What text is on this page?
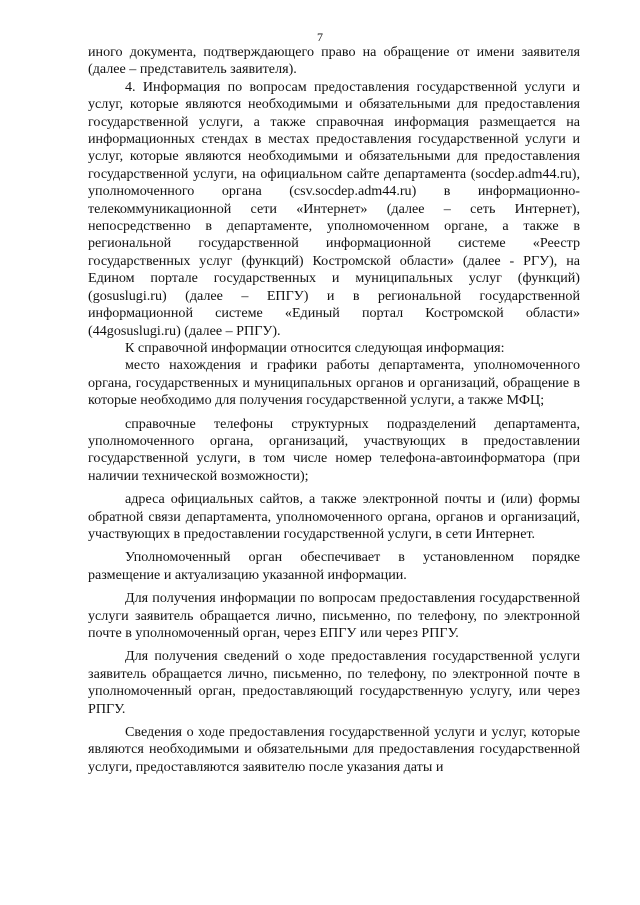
7

иного документа, подтверждающего право на обращение от имени заявителя (далее – представитель заявителя).

4. Информация по вопросам предоставления государственной услуги и услуг, которые являются необходимыми и обязательными для предоставления государственной услуги, а также справочная информация размещается на информационных стендах в местах предоставления государственной услуги и услуг, которые являются необходимыми и обязательными для предоставления государственной услуги, на официальном сайте департамента (socdep.adm44.ru), уполномоченного органа (csv.socdep.adm44.ru) в информационно-телекоммуникационной сети «Интернет» (далее – сеть Интернет), непосредственно в департаменте, уполномоченном органе, а также в региональной государственной информационной системе «Реестр государственных услуг (функций) Костромской области» (далее - РГУ), на Едином портале государственных и муниципальных услуг (функций) (gosuslugi.ru) (далее – ЕПГУ) и в региональной государственной информационной системе «Единый портал Костромской области» (44gosuslugi.ru) (далее – РПГУ).

К справочной информации относится следующая информация:

место нахождения и графики работы департамента, уполномоченного органа, государственных и муниципальных органов и организаций, обращение в которые необходимо для получения государственной услуги, а также МФЦ;

справочные телефоны структурных подразделений департамента, уполномоченного органа, организаций, участвующих в предоставлении государственной услуги, в том числе номер телефона-автоинформатора (при наличии технической возможности);

адреса официальных сайтов, а также электронной почты и (или) формы обратной связи департамента, уполномоченного органа, органов и организаций, участвующих в предоставлении государственной услуги, в сети Интернет.

Уполномоченный орган обеспечивает в установленном порядке размещение и актуализацию указанной информации.

Для получения информации по вопросам предоставления государственной услуги заявитель обращается лично, письменно, по телефону, по электронной почте в уполномоченный орган, через ЕПГУ или через РПГУ.

Для получения сведений о ходе предоставления государственной услуги заявитель обращается лично, письменно, по телефону, по электронной почте в уполномоченный орган, предоставляющий государственную услугу, или через РПГУ.

Сведения о ходе предоставления государственной услуги и услуг, которые являются необходимыми и обязательными для предоставления государственной услуги, предоставляются заявителю после указания даты и
